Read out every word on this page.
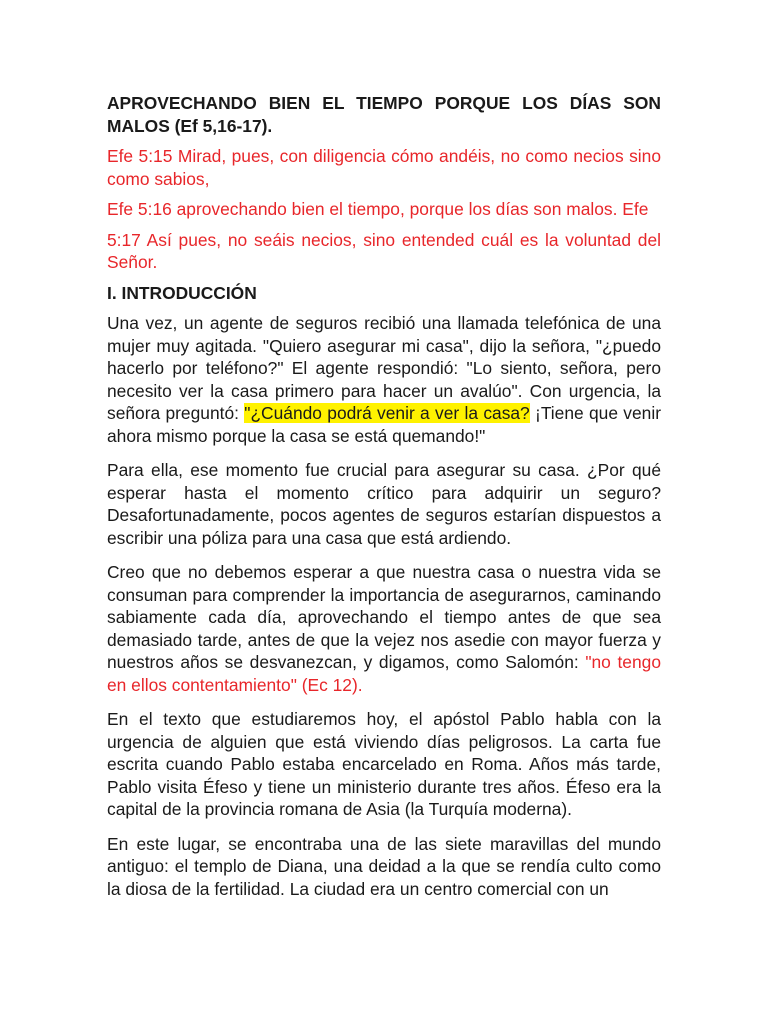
APROVECHANDO BIEN EL TIEMPO PORQUE LOS DÍAS SON MALOS (Ef 5,16-17).

Efe 5:15 Mirad, pues, con diligencia cómo andéis, no como necios sino como sabios,

Efe 5:16 aprovechando bien el tiempo, porque los días son malos. Efe

5:17 Así pues, no seáis necios, sino entended cuál es la voluntad del Señor.

I. INTRODUCCIÓN

Una vez, un agente de seguros recibió una llamada telefónica de una mujer muy agitada. "Quiero asegurar mi casa", dijo la señora, "¿puedo hacerlo por teléfono?" El agente respondió: "Lo siento, señora, pero necesito ver la casa primero para hacer un avalúo". Con urgencia, la señora preguntó: "¿Cuándo podrá venir a ver la casa? ¡Tiene que venir ahora mismo porque la casa se está quemando!"

Para ella, ese momento fue crucial para asegurar su casa. ¿Por qué esperar hasta el momento crítico para adquirir un seguro? Desafortunadamente, pocos agentes de seguros estarían dispuestos a escribir una póliza para una casa que está ardiendo.

Creo que no debemos esperar a que nuestra casa o nuestra vida se consuman para comprender la importancia de asegurarnos, caminando sabiamente cada día, aprovechando el tiempo antes de que sea demasiado tarde, antes de que la vejez nos asedie con mayor fuerza y nuestros años se desvanezcan, y digamos, como Salomón: "no tengo en ellos contentamiento" (Ec 12).

En el texto que estudiaremos hoy, el apóstol Pablo habla con la urgencia de alguien que está viviendo días peligrosos. La carta fue escrita cuando Pablo estaba encarcelado en Roma. Años más tarde, Pablo visita Éfeso y tiene un ministerio durante tres años. Éfeso era la capital de la provincia romana de Asia (la Turquía moderna).

En este lugar, se encontraba una de las siete maravillas del mundo antiguo: el templo de Diana, una deidad a la que se rendía culto como la diosa de la fertilidad. La ciudad era un centro comercial con un
